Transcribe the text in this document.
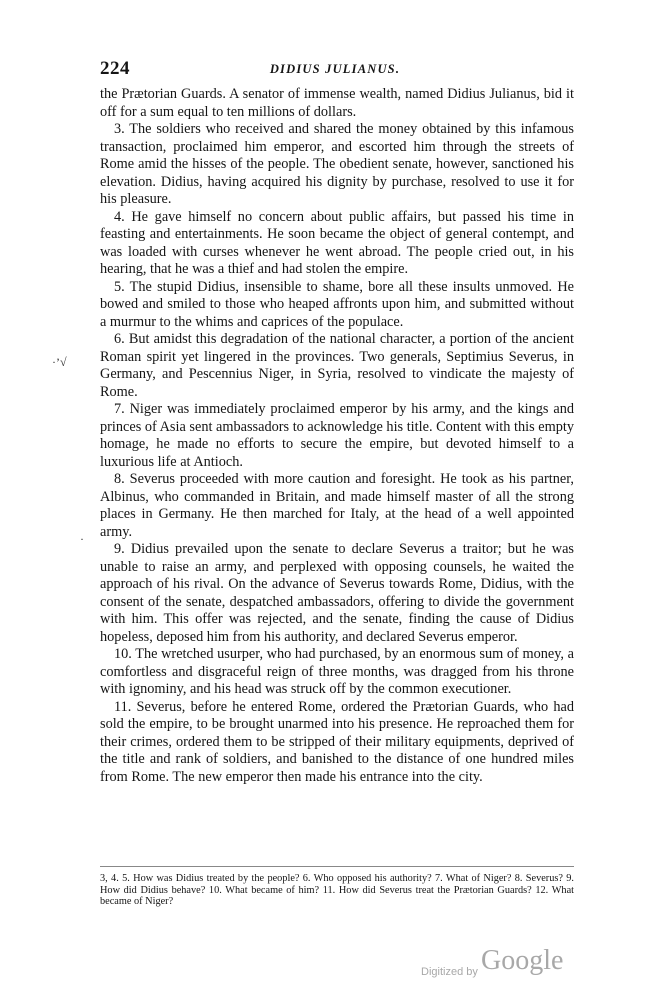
224	DIDIUS JULIANUS.

the Prætorian Guards. A senator of immense wealth, named Didius Julianus, bid it off for a sum equal to ten millions of dollars.

3. The soldiers who received and shared the money obtained by this infamous transaction, proclaimed him emperor, and escorted him through the streets of Rome amid the hisses of the people. The obedient senate, however, sanctioned his elevation. Didius, having acquired his dignity by purchase, resolved to use it for his pleasure.

4. He gave himself no concern about public affairs, but passed his time in feasting and entertainments. He soon became the object of general contempt, and was loaded with curses whenever he went abroad. The people cried out, in his hearing, that he was a thief and had stolen the empire.

5. The stupid Didius, insensible to shame, bore all these insults unmoved. He bowed and smiled to those who heaped affronts upon him, and submitted without a murmur to the whims and caprices of the populace.

6. But amidst this degradation of the national character, a portion of the ancient Roman spirit yet lingered in the provinces. Two generals, Septimius Severus, in Germany, and Pescennius Niger, in Syria, resolved to vindicate the majesty of Rome.

7. Niger was immediately proclaimed emperor by his army, and the kings and princes of Asia sent ambassadors to acknowledge his title. Content with this empty homage, he made no efforts to secure the empire, but devoted himself to a luxurious life at Antioch.

8. Severus proceeded with more caution and foresight. He took as his partner, Albinus, who commanded in Britain, and made himself master of all the strong places in Germany. He then marched for Italy, at the head of a well appointed army.

9. Didius prevailed upon the senate to declare Severus a traitor; but he was unable to raise an army, and perplexed with opposing counsels, he waited the approach of his rival. On the advance of Severus towards Rome, Didius, with the consent of the senate, despatched ambassadors, offering to divide the government with him. This offer was rejected, and the senate, finding the cause of Didius hopeless, deposed him from his authority, and declared Severus emperor.

10. The wretched usurper, who had purchased, by an enormous sum of money, a comfortless and disgraceful reign of three months, was dragged from his throne with ignominy, and his head was struck off by the common executioner.

11. Severus, before he entered Rome, ordered the Prætorian Guards, who had sold the empire, to be brought unarmed into his presence. He reproached them for their crimes, ordered them to be stripped of their military equipments, deprived of the title and rank of soldiers, and banished to the distance of one hundred miles from Rome. The new emperor then made his entrance into the city.

·’√
·

3, 4. 5. How was Didius treated by the people? 6. Who opposed his authority? 7. What of Niger? 8. Severus? 9. How did Didius behave? 10. What became of him? 11. How did Severus treat the Prætorian Guards? 12. What became of Niger?

Digitized by Google
